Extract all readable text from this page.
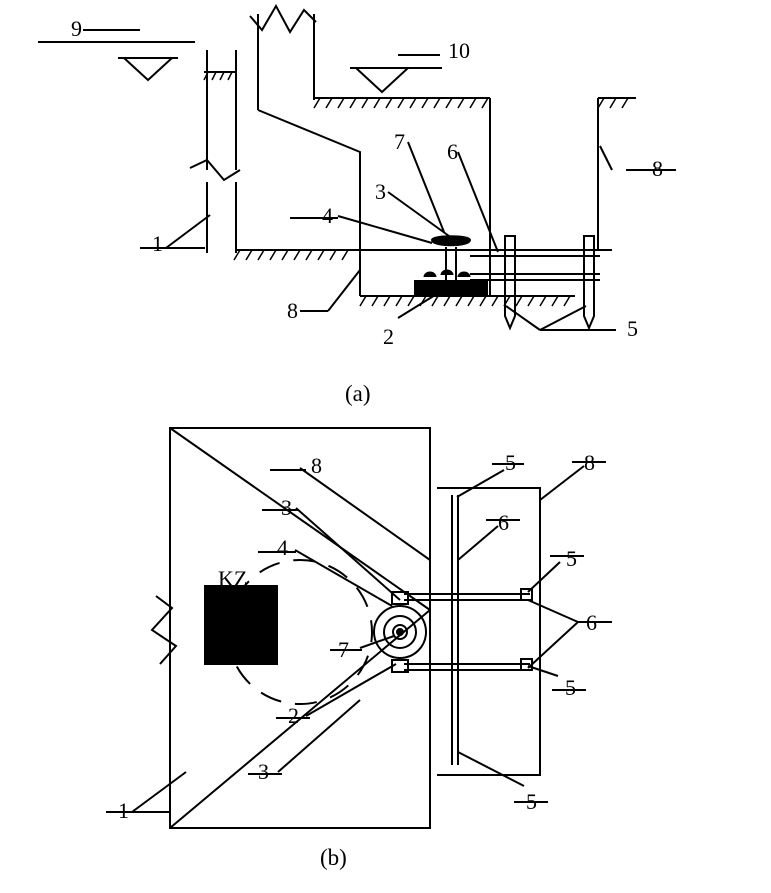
KZ
(a)
(b)
9
10
7 6
8
3
4
1
8
2	5
8	5	8
3
6
4	5
6
7
5
2
3
5
1
